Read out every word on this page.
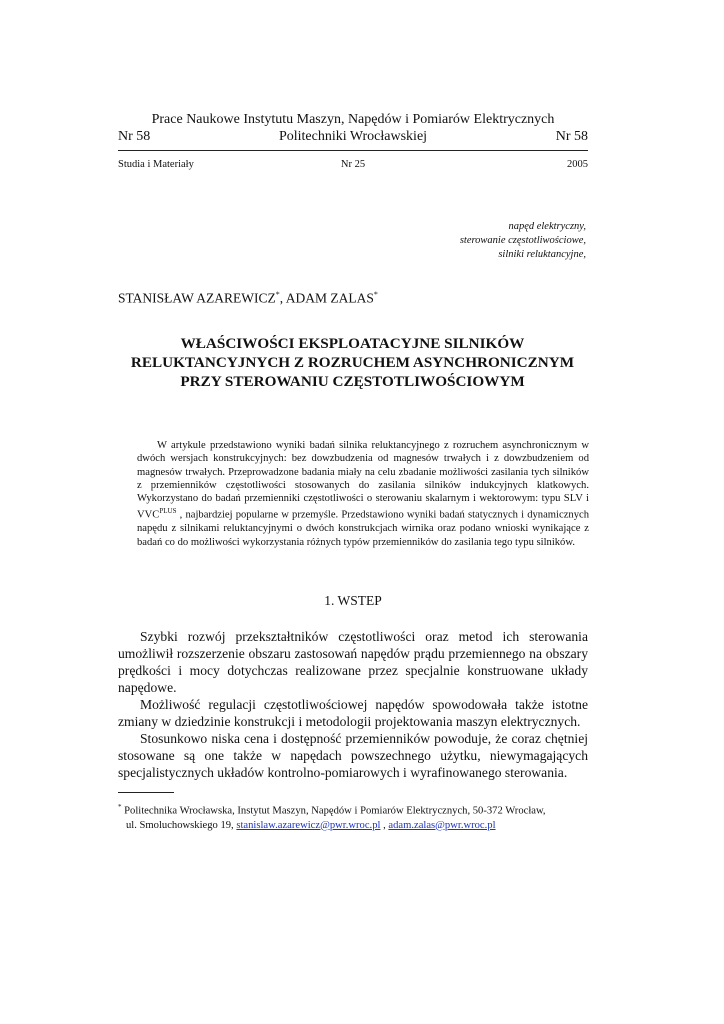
Prace Naukowe Instytutu Maszyn, Napędów i Pomiarów Elektrycznych
Nr 58	Politechniki Wrocławskiej	Nr 58
Studia i Materiały	Nr 25	2005
napęd elektryczny,
sterowanie częstotliwościowe,
silniki reluktancyjne,
STANISŁAW AZAREWICZ*, ADAM ZALAS*
WŁAŚCIWOŚCI EKSPLOATACYJNE SILNIKÓW
RELUKTANCYJNYCH Z ROZRUCHEM ASYNCHRONICZNYM
PRZY STEROWANIU CZĘSTOTLIWOŚCIOWYM
W artykule przedstawiono wyniki badań silnika reluktancyjnego z rozruchem asynchronicznym w dwóch wersjach konstrukcyjnych: bez dowzbudzenia od magnesów trwałych i z dowzbudzeniem od magnesów trwałych. Przeprowadzone badania miały na celu zbadanie możliwości zasilania tych silników z przemienników częstotliwości stosowanych do zasilania silników indukcyjnych klatkowych. Wykorzystano do badań przemienniki częstotliwości o sterowaniu skalarnym i wektorowym: typu SLV i $VVC^{PLUS}$ , najbardziej popularne w przemyśle. Przedstawiono wyniki badań statycznych i dynamicznych napędu z silnikami reluktancyjnymi o dwóch konstrukcjach wirnika oraz podano wnioski wynikające z badań co do możliwości wykorzystania różnych typów przemienników do zasilania tego typu silników.
1. WSTEP

Szybki rozwój przekształtników częstotliwości oraz metod ich sterowania umożliwił rozszerzenie obszaru zastosowań napędów prądu przemiennego na obszary prędkości i mocy dotychczas realizowane przez specjalnie konstruowane układy napędowe.

Możliwość regulacji częstotliwościowej napędów spowodowała także istotne zmiany w dziedzinie konstrukcji i metodologii projektowania maszyn elektrycznych.

Stosunkowo niska cena i dostępność przemienników powoduje, że coraz chętniej stosowane są one także w napędach powszechnego użytku, niewymagających specjalistycznych układów kontrolno-pomiarowych i wyrafinowanego sterowania.

* Politechnika Wrocławska, Instytut Maszyn, Napędów i Pomiarów Elektrycznych, 50-372 Wrocław,
ul. Smoluchowskiego 19, stanislaw.azarewicz@pwr.wroc.pl , adam.zalas@pwr.wroc.pl
